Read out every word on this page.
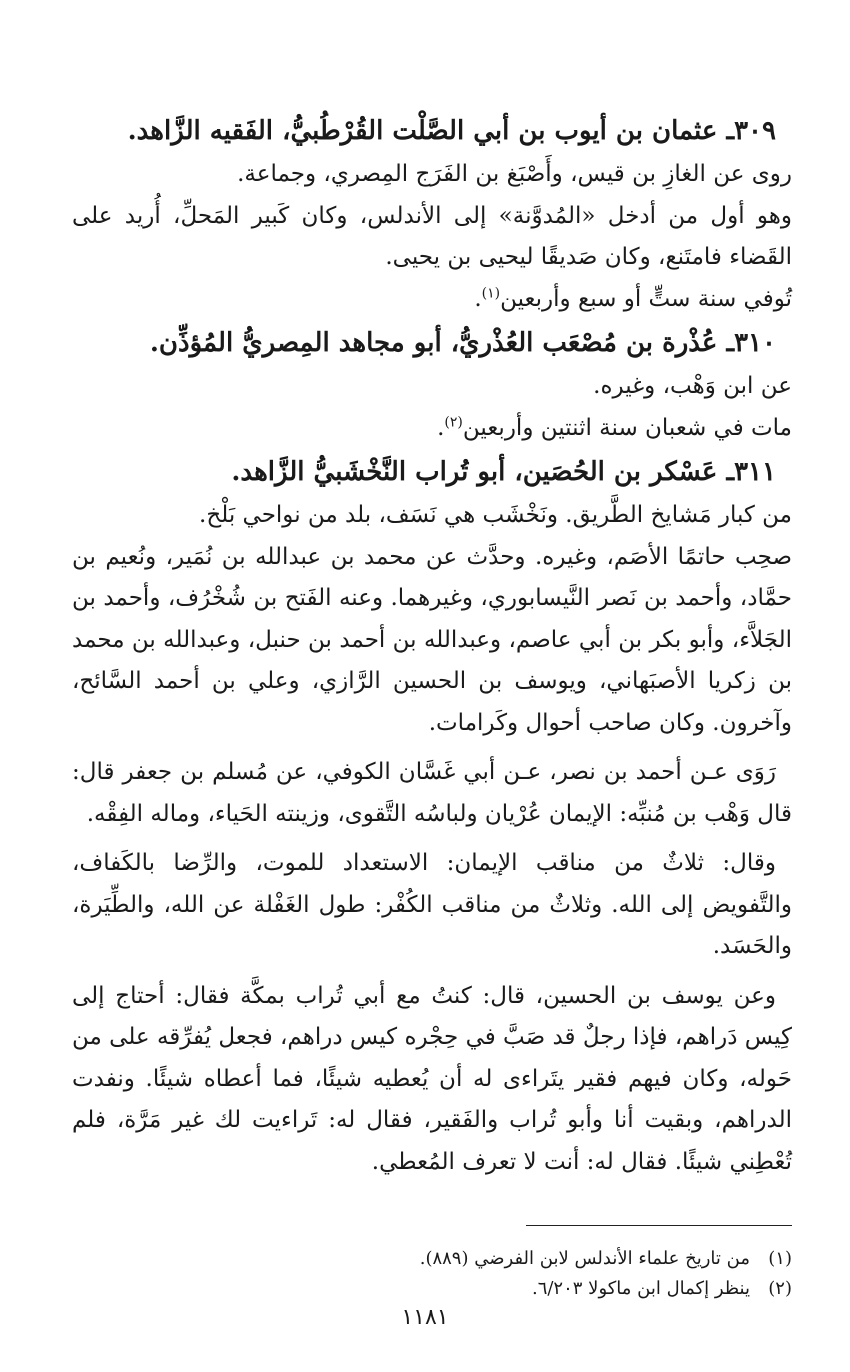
٣٠٩ـ عثمان بن أيوب بن أبي الصَّلْت القُرْطُبيُّ، الفَقيه الزَّاهد.

روى عن الغازِ بن قيس، وأَصْبَغ بن الفَرَج المِصري، وجماعة.

وهو أول من أدخل «المُدوَّنة» إلى الأندلس، وكان كَبير المَحلِّ، أُريد على القَضاء فامتَنع، وكان صَديقًا ليحيى بن يحيى.

تُوفي سنة ستٍّ أو سبع وأربعين$^{(١)}$.

٣١٠ـ عُذْرة بن مُصْعَب العُذْريُّ، أبو مجاهد المِصريُّ المُؤذِّن.

عن ابن وَهْب، وغيره.

مات في شعبان سنة اثنتين وأربعين$^{(٢)}$.

٣١١ـ عَسْكر بن الحُصَين، أبو تُراب النَّخْشَبيُّ الزَّاهد.

من كبار مَشايخ الطَّريق. ونَخْشَب هي نَسَف، بلد من نواحي بَلْخ.

صحِب حاتمًا الأصَم، وغيره. وحدَّث عن محمد بن عبدالله بن نُمَير، ونُعيم بن حمَّاد، وأحمد بن نَصر النَّيسابوري، وغيرهما. وعنه الفَتح بن شُخْرُف، وأحمد بن الجَلاَّء، وأبو بكر بن أبي عاصم، وعبدالله بن أحمد بن حنبل، وعبدالله بن محمد بن زكريا الأصبَهاني، ويوسف بن الحسين الرَّازي، وعلي بن أحمد السَّائح، وآخرون. وكان صاحب أحوال وكَرامات.

رَوَى عـن أحمد بن نصر، عـن أبي غَسَّان الكوفي، عن مُسلم بن جعفر قال: قال وَهْب بن مُنبِّه: الإيمان عُرْيان ولباسُه التَّقوى، وزينته الحَياء، وماله الفِقْه.

وقال: ثلاثٌ من مناقب الإيمان: الاستعداد للموت، والرِّضا بالكَفاف، والتَّفويض إلى الله. وثلاثٌ من مناقب الكُفْر: طول الغَفْلة عن الله، والطِّيَرة، والحَسَد.

وعن يوسف بن الحسين، قال: كنتُ مع أبي تُراب بمكَّة فقال: أحتاج إلى كِيس دَراهم، فإذا رجلٌ قد صَبَّ في حِجْره كيس دراهم، فجعل يُفرِّقه على من حَوله، وكان فيهم فقير يتَراءى له أن يُعطيه شيئًا، فما أعطاه شيئًا. ونفدت الدراهم، وبقيت أنا وأبو تُراب والفَقير، فقال له: تَراءيت لك غير مَرَّة، فلم تُعْطِني شيئًا. فقال له: أنت لا تعرف المُعطي.

(١)من تاريخ علماء الأندلس لابن الفرضي (٨٨٩).

(٢)ينظر إكمال ابن ماكولا ٦/٢٠٣.

١١٨١
